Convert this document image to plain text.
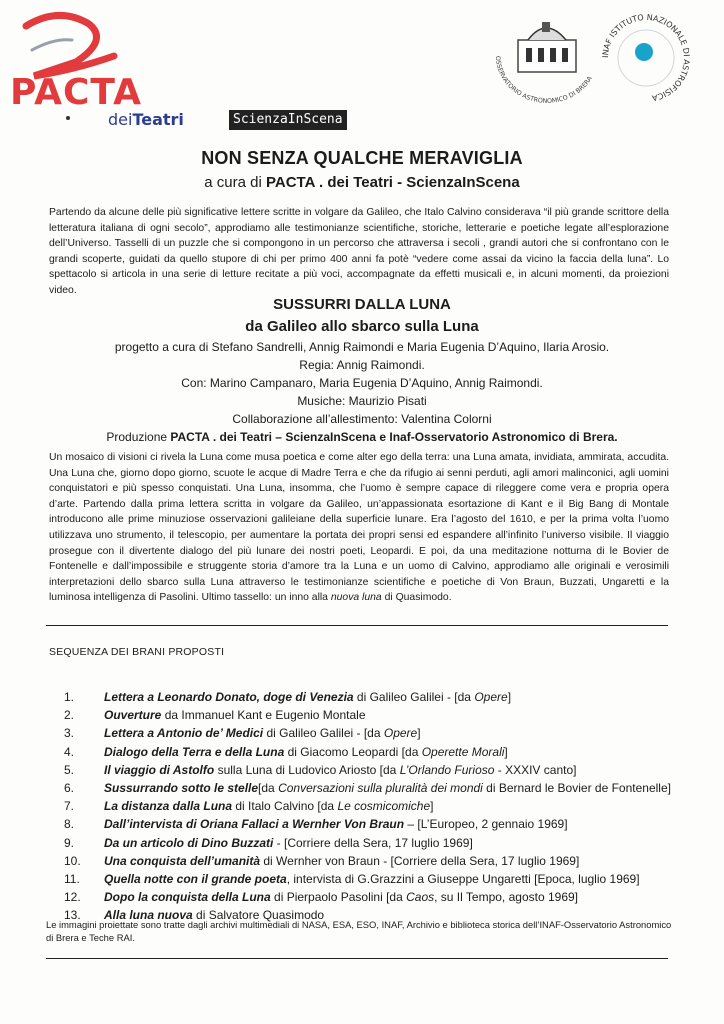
PACTA
deiTeatri	ScienzaInScena
OSSERVATORIO ASTRONOMICO DI BRERA
INAF ISTITUTO NAZIONALE DI ASTROFISICA
NON SENZA QUALCHE MERAVIGLIA
a cura di PACTA . dei Teatri - ScienzaInScena
Partendo da alcune delle più significative lettere scritte in volgare da Galileo, che Italo Calvino considerava “il più grande scrittore della letteratura italiana di ogni secolo”, approdiamo alle testimonianze scientifiche, storiche, letterarie e poetiche legate all’esplorazione dell’Universo. Tasselli di un puzzle che si compongono in un percorso che attraversa i secoli , grandi autori che si confrontano con le grandi scoperte, guidati da quello stupore di chi per primo 400 anni fa potè “vedere come assai da vicino la faccia della luna”. Lo spettacolo si articola in una serie di letture recitate a più voci, accompagnate da effetti musicali e, in alcuni momenti, da proiezioni video.
SUSSURRI DALLA LUNA
da Galileo allo sbarco sulla Luna
progetto a cura di Stefano Sandrelli, Annig Raimondi e Maria Eugenia D’Aquino, Ilaria Arosio.
Regia: Annig Raimondi.
Con: Marino Campanaro, Maria Eugenia D’Aquino, Annig Raimondi.
Musiche: Maurizio Pisati
Collaborazione all’allestimento: Valentina Colorni
Produzione PACTA . dei Teatri – ScienzaInScena e Inaf-Osservatorio Astronomico di Brera.
Un mosaico di visioni ci rivela la Luna come musa poetica e come alter ego della terra: una Luna amata, invidiata, ammirata, accudita. Una Luna che, giorno dopo giorno, scuote le acque di Madre Terra e che da rifugio ai senni perduti, agli amori malinconici, agli uomini conquistatori e più spesso conquistati. Una Luna, insomma, che l’uomo è sempre capace di rileggere come vera e propria opera d’arte. Partendo dalla prima lettera scritta in volgare da Galileo, un’appassionata esortazione di Kant e il Big Bang di Montale introducono alle prime minuziose osservazioni galileiane della superficie lunare. Era l’agosto del 1610, e per la prima volta l’uomo utilizzava uno strumento, il telescopio, per aumentare la portata dei propri sensi ed espandere all’infinito l’universo visibile. Il viaggio prosegue con il divertente dialogo del più lunare dei nostri poeti, Leopardi. E poi, da una meditazione notturna di le Bovier de Fontenelle e dall’impossibile e struggente storia d’amore tra la Luna e un uomo di Calvino, approdiamo alle originali e verosimili interpretazioni dello sbarco sulla Luna attraverso le testimonianze scientifiche e poetiche di Von Braun, Buzzati, Ungaretti e la luminosa intelligenza di Pasolini. Ultimo tassello: un inno alla nuova luna di Quasimodo.
SEQUENZA DEI BRANI PROPOSTI
1.	Lettera a Leonardo Donato, doge di Venezia di Galileo Galilei - [da Opere]
2.	Ouverture da Immanuel Kant e Eugenio Montale
3.	Lettera a Antonio de’ Medici di Galileo Galilei - [da Opere]
4.	Dialogo della Terra e della Luna di Giacomo Leopardi [da Operette Morali]
5.	Il viaggio di Astolfo sulla Luna di Ludovico Ariosto [da L’Orlando Furioso - XXXIV canto]
6.	Sussurrando sotto le stelle[da Conversazioni sulla pluralità dei mondi di Bernard le Bovier de Fontenelle]
7.	La distanza dalla Luna di Italo Calvino [da Le cosmicomiche]
8.	Dall’intervista di Oriana Fallaci a Wernher Von Braun – [L’Europeo, 2 gennaio 1969]
9.	Da un articolo di Dino Buzzati - [Corriere della Sera, 17 luglio 1969]
10.	Una conquista dell’umanità di Wernher von Braun - [Corriere della Sera, 17 luglio 1969]
11.	Quella notte con il grande poeta, intervista di G.Grazzini a Giuseppe Ungaretti [Epoca, luglio 1969]
12.	Dopo la conquista della Luna di Pierpaolo Pasolini [da Caos, su Il Tempo, agosto 1969]
13.	Alla luna nuova di Salvatore Quasimodo
Le immagini proiettate sono tratte dagli archivi multimediali di NASA, ESA, ESO, INAF, Archivio e biblioteca storica dell’INAF-Osservatorio Astronomico di Brera e Teche RAI.
